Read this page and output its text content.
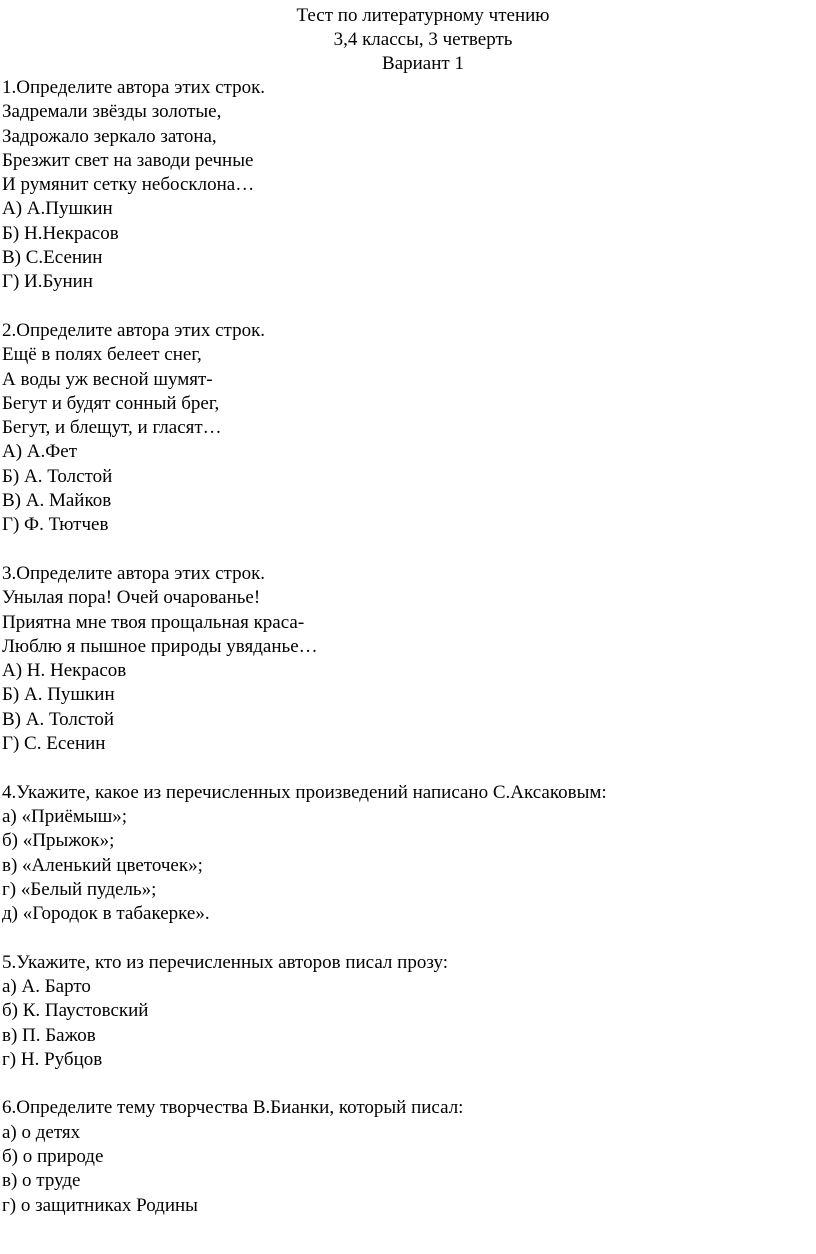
Тест по литературному чтению
3,4 классы, 3 четверть
Вариант 1
1.Определите автора этих строк.
Задремали звёзды золотые,
Задрожало зеркало затона,
Брезжит свет на заводи речные
И румянит сетку небосклона…
А) А.Пушкин
Б) Н.Некрасов
В) С.Есенин
Г) И.Бунин
2.Определите автора этих строк.
Ещё в полях белеет снег,
А воды уж весной шумят-
Бегут и будят сонный брег,
Бегут, и блещут, и гласят…
А) А.Фет
Б) А. Толстой
В) А. Майков
Г) Ф. Тютчев
3.Определите автора этих строк.
Унылая пора! Очей очарованье!
Приятна мне твоя прощальная краса-
Люблю я пышное природы увяданье…
А) Н. Некрасов
Б) А. Пушкин
В) А. Толстой
Г) С. Есенин
4.Укажите, какое из перечисленных произведений написано С.Аксаковым:
а) «Приёмыш»;
б) «Прыжок»;
в) «Аленький цветочек»;
г) «Белый пудель»;
д) «Городок в табакерке».
5.Укажите, кто из перечисленных авторов писал прозу:
а) А. Барто
б) К. Паустовский
в) П. Бажов
г) Н. Рубцов
6.Определите тему творчества В.Бианки, который писал:
а) о детях
б) о природе
в) о труде
г) о защитниках Родины
